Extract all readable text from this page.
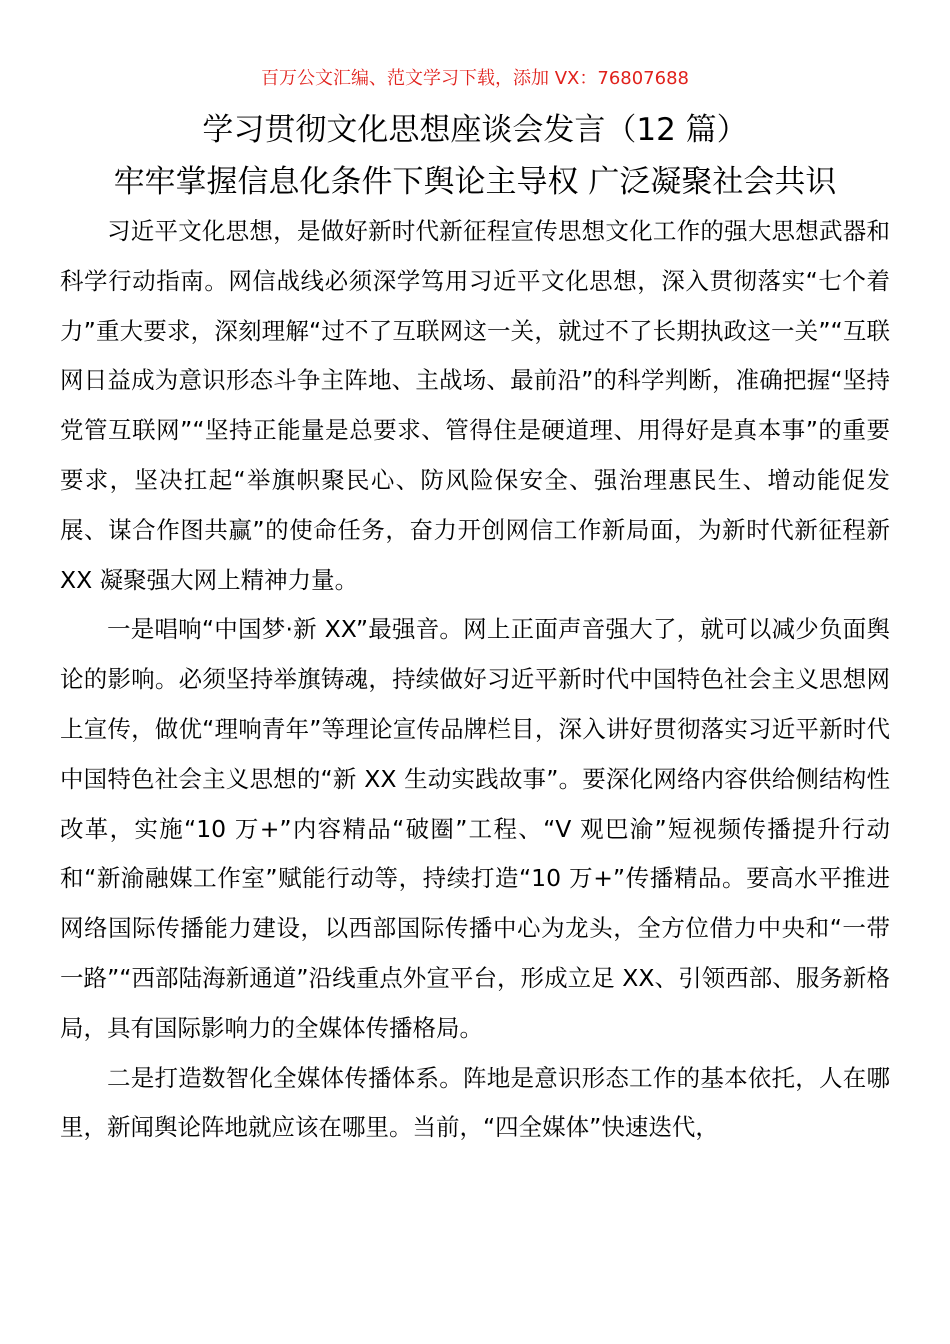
百万公文汇编、范文学习下载，添加 VX：76807688
学习贯彻文化思想座谈会发言（12 篇）
牢牢掌握信息化条件下舆论主导权 广泛凝聚社会共识

习近平文化思想，是做好新时代新征程宣传思想文化工作的强大思想武器和科学行动指南。网信战线必须深学笃用习近平文化思想，深入贯彻落实“七个着力”重大要求，深刻理解“过不了互联网这一关，就过不了长期执政这一关”“互联网日益成为意识形态斗争主阵地、主战场、最前沿”的科学判断，准确把握“坚持党管互联网”“坚持正能量是总要求、管得住是硬道理、用得好是真本事”的重要要求，坚决扛起“举旗帜聚民心、防风险保安全、强治理惠民生、增动能促发展、谋合作图共赢”的使命任务，奋力开创网信工作新局面，为新时代新征程新 XX 凝聚强大网上精神力量。

一是唱响“中国梦·新 XX”最强音。网上正面声音强大了，就可以减少负面舆论的影响。必须坚持举旗铸魂，持续做好习近平新时代中国特色社会主义思想网上宣传，做优“理响青年”等理论宣传品牌栏目，深入讲好贯彻落实习近平新时代中国特色社会主义思想的“新 XX 生动实践故事”。要深化网络内容供给侧结构性改革，实施“10 万+”内容精品“破圈”工程、“V 观巴渝”短视频传播提升行动和“新渝融媒工作室”赋能行动等，持续打造“10 万+”传播精品。要高水平推进网络国际传播能力建设，以西部国际传播中心为龙头，全方位借力中央和“一带一路”“西部陆海新通道”沿线重点外宣平台，形成立足 XX、引领西部、服务新格局，具有国际影响力的全媒体传播格局。

二是打造数智化全媒体传播体系。阵地是意识形态工作的基本依托，人在哪里，新闻舆论阵地就应该在哪里。当前，“四全媒体”快速迭代，
